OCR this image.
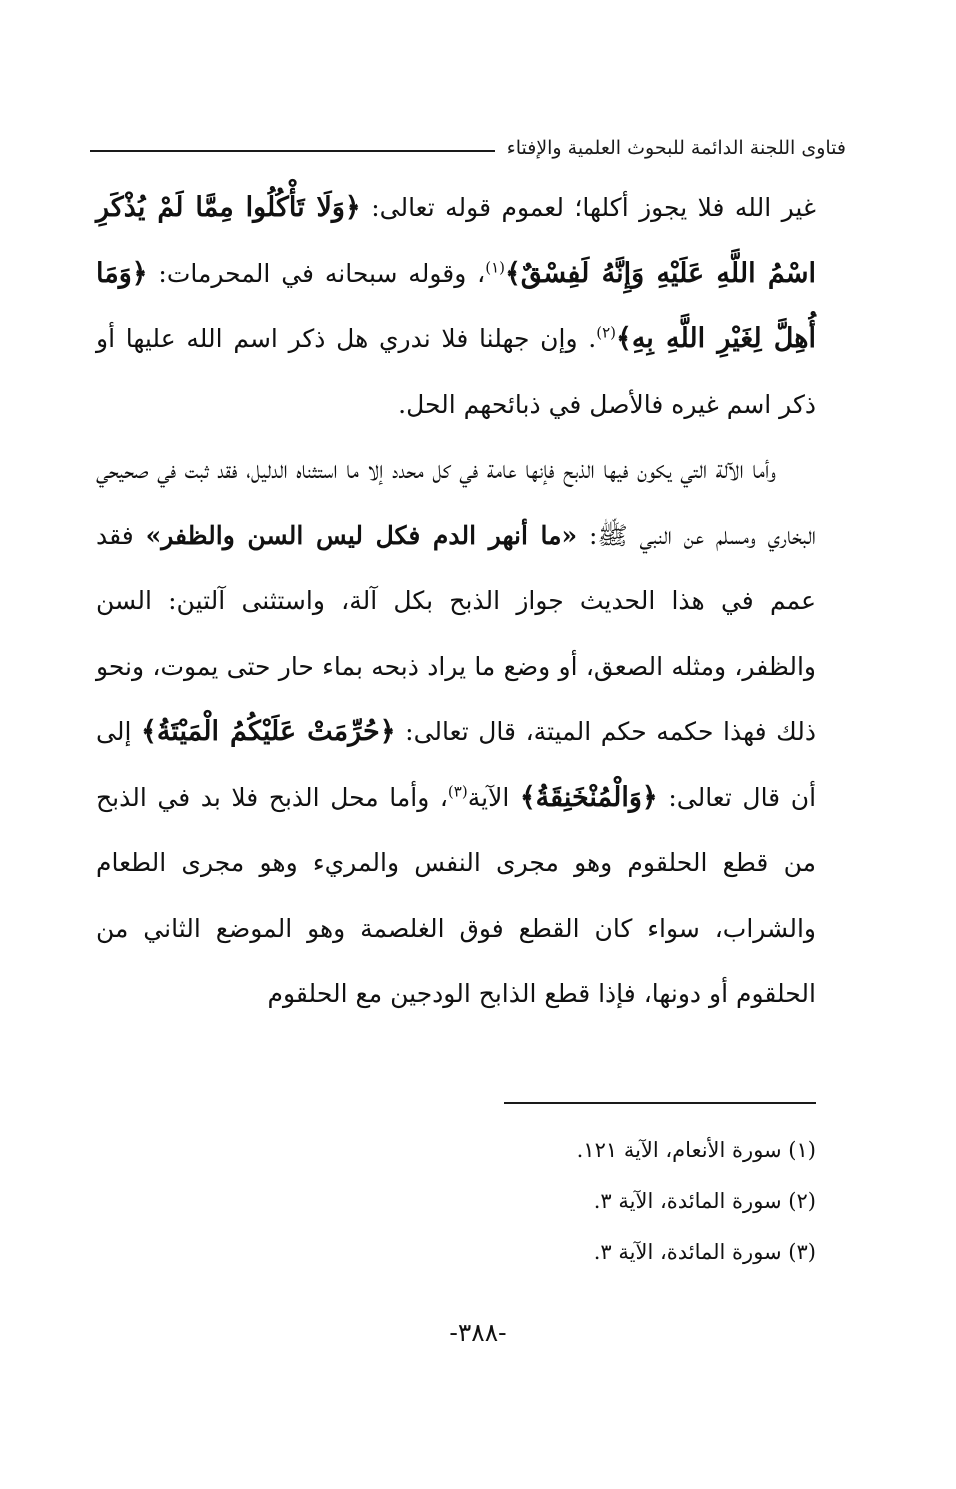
فتاوى اللجنة الدائمة للبحوث العلمية والإفتاء

غير الله فلا يجوز أكلها؛ لعموم قوله تعالى: ﴿وَلَا تَأْكُلُوا مِمَّا لَمْ يُذْكَرِ اسْمُ اللَّهِ عَلَيْهِ وَإِنَّهُ لَفِسْقٌ﴾$^{(١)}$، وقوله سبحانه في المحرمات: ﴿وَمَا أُهِلَّ لِغَيْرِ اللَّهِ بِهِ﴾$^{(٢)}$. وإن جهلنا فلا ندري هل ذكر اسم الله عليها أو ذكر اسم غيره فالأصل في ذبائحهم الحل.

وأما الآلة التي يكون فيها الذبح فإنها عامة في كل محدد إلا ما استثناه الدليل، فقد ثبت في صحيحي البخاري ومسلم عن النبي ﷺ: «ما أنهر الدم فكل ليس السن والظفر» فقد عمم في هذا الحديث جواز الذبح بكل آلة، واستثنى آلتين: السن والظفر، ومثله الصعق، أو وضع ما يراد ذبحه بماء حار حتى يموت، ونحو ذلك فهذا حكمه حكم الميتة، قال تعالى: ﴿حُرِّمَتْ عَلَيْكُمُ الْمَيْتَةُ﴾ إلى أن قال تعالى: ﴿وَالْمُنْخَنِقَةُ﴾ الآية$^{(٣)}$، وأما محل الذبح فلا بد في الذبح من قطع الحلقوم وهو مجرى النفس والمريء وهو مجرى الطعام والشراب، سواء كان القطع فوق الغلصمة وهو الموضع الثاني من الحلقوم أو دونها، فإذا قطع الذابح الودجين مع الحلقوم

(١) سورة الأنعام، الآية ١٢١.
(٢) سورة المائدة، الآية ٣.
(٣) سورة المائدة، الآية ٣.
-٣٨٨-
